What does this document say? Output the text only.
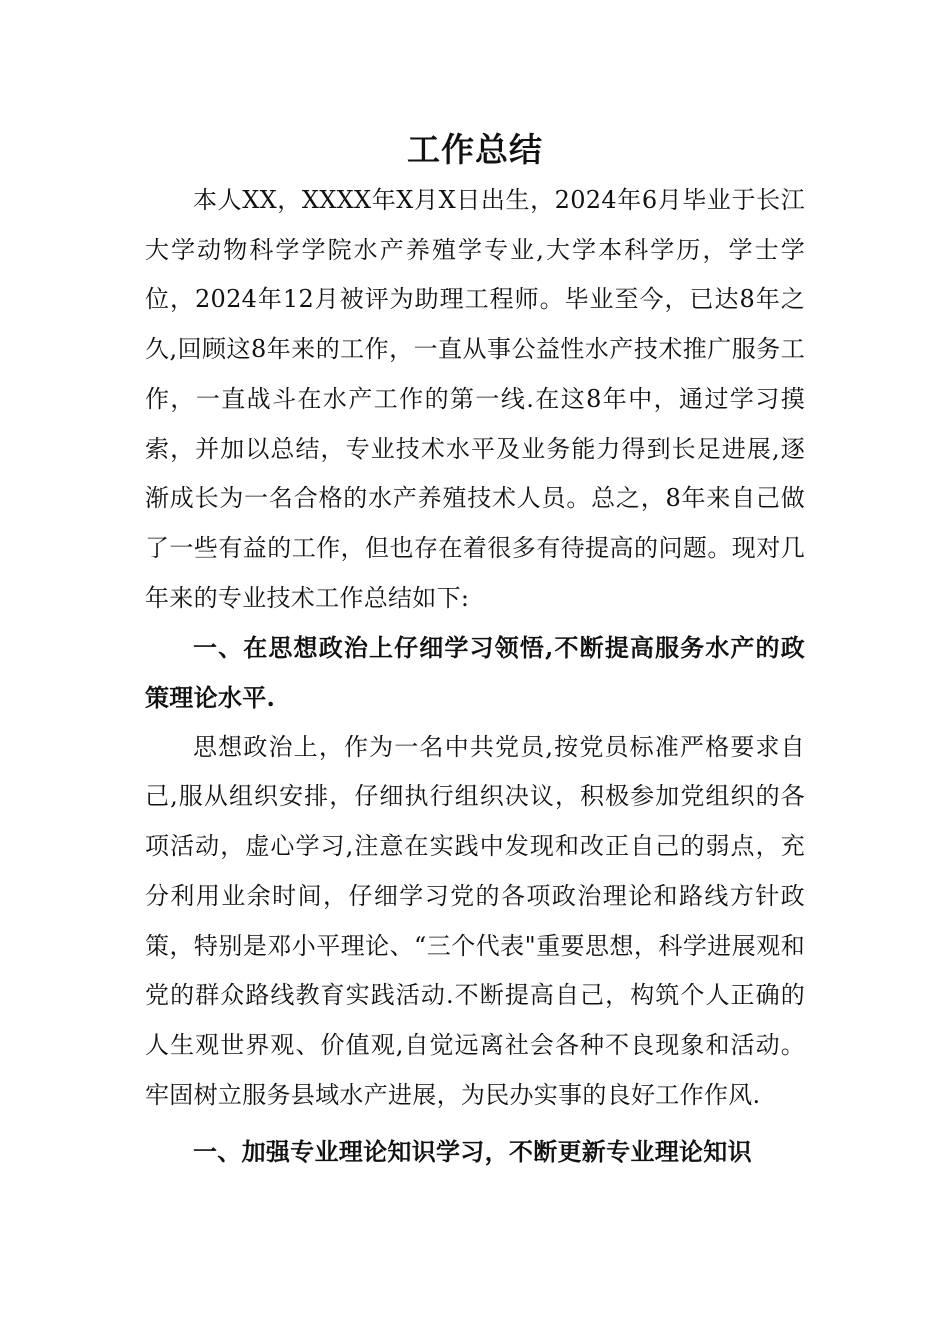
工作总结

本人XX，XXXX年X月X日出生，2024年6月毕业于长江大学动物科学学院水产养殖学专业,大学本科学历，学士学位，2024年12月被评为助理工程师。毕业至今，已达8年之久,回顾这8年来的工作，一直从事公益性水产技术推广服务工作，一直战斗在水产工作的第一线.在这8年中，通过学习摸索，并加以总结，专业技术水平及业务能力得到长足进展,逐渐成长为一名合格的水产养殖技术人员。总之，8年来自己做了一些有益的工作，但也存在着很多有待提高的问题。现对几年来的专业技术工作总结如下:

一、在思想政治上仔细学习领悟,不断提高服务水产的政策理论水平.

思想政治上，作为一名中共党员,按党员标准严格要求自己,服从组织安排，仔细执行组织决议，积极参加党组织的各项活动，虚心学习,注意在实践中发现和改正自己的弱点，充分利用业余时间，仔细学习党的各项政治理论和路线方针政策，特别是邓小平理论、“三个代表"重要思想，科学进展观和党的群众路线教育实践活动.不断提高自己，构筑个人正确的人生观世界观、价值观,自觉远离社会各种不良现象和活动。牢固树立服务县域水产进展，为民办实事的良好工作作风.

一、加强专业理论知识学习，不断更新专业理论知识
